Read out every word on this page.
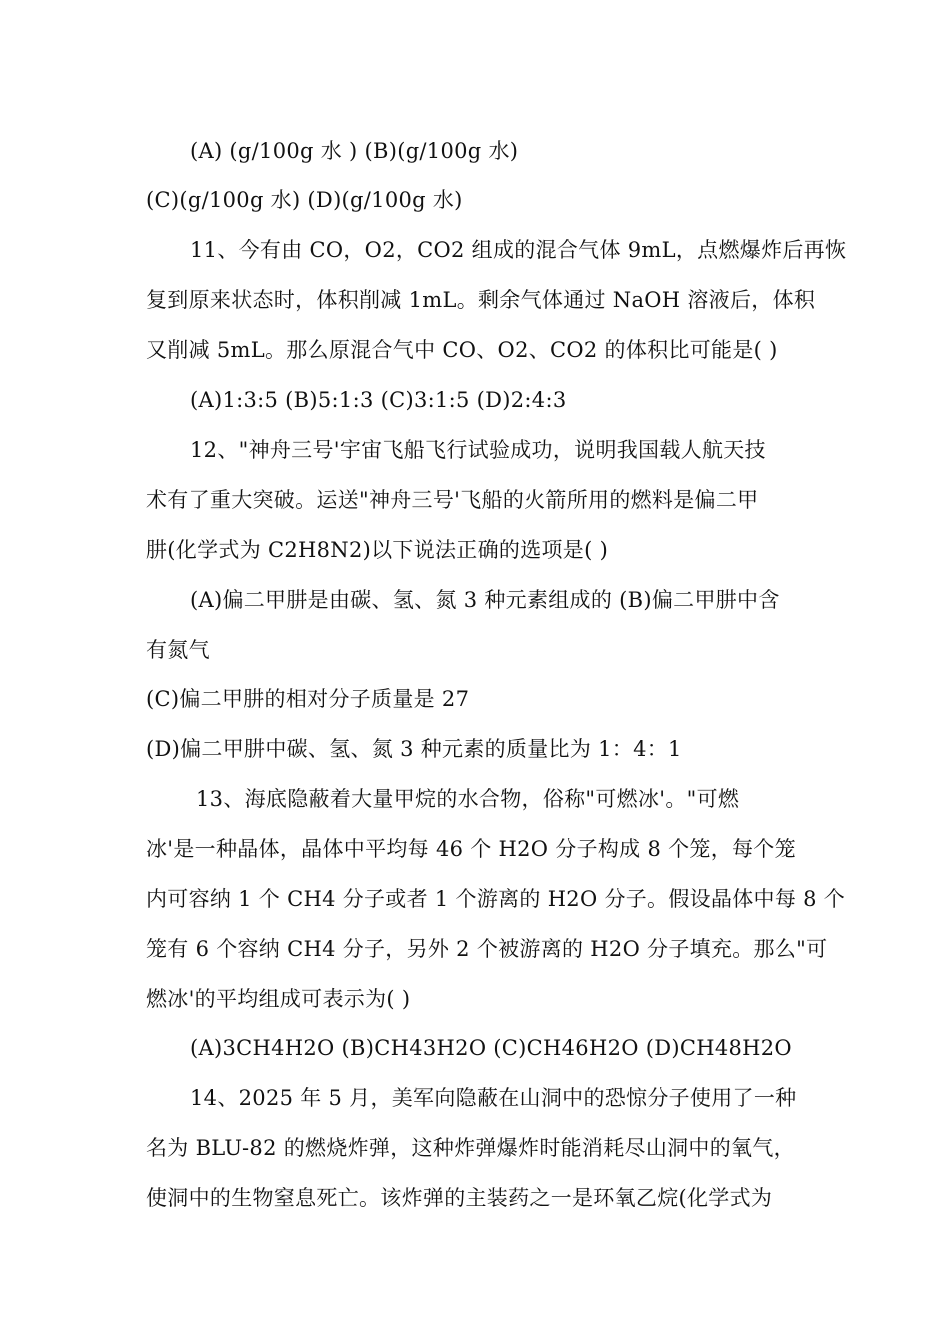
(A) (g/100g 水 ) (B)(g/100g 水)
(C)(g/100g 水) (D)(g/100g 水)
11、今有由 CO，O2，CO2 组成的混合气体 9mL，点燃爆炸后再恢
复到原来状态时，体积削减 1mL。剩余气体通过 NaOH 溶液后，体积
又削减 5mL。那么原混合气中 CO、O2、CO2 的体积比可能是( )
(A)1:3:5 (B)5:1:3 (C)3:1:5 (D)2:4:3
12、"神舟三号'宇宙飞船飞行试验成功，说明我国载人航天技
术有了重大突破。运送"神舟三号'飞船的火箭所用的燃料是偏二甲
肼(化学式为 C2H8N2)以下说法正确的选项是( )
(A)偏二甲肼是由碳、氢、氮 3 种元素组成的 (B)偏二甲肼中含
有氮气
(C)偏二甲肼的相对分子质量是 27
(D)偏二甲肼中碳、氢、氮 3 种元素的质量比为 1：4：1
13、海底隐蔽着大量甲烷的水合物，俗称"可燃冰'。"可燃
冰'是一种晶体，晶体中平均每 46 个 H2O 分子构成 8 个笼，每个笼
内可容纳 1 个 CH4 分子或者 1 个游离的 H2O 分子。假设晶体中每 8 个
笼有 6 个容纳 CH4 分子，另外 2 个被游离的 H2O 分子填充。那么"可
燃冰'的平均组成可表示为( )
(A)3CH4H2O (B)CH43H2O (C)CH46H2O (D)CH48H2O
14、2025 年 5 月，美军向隐蔽在山洞中的恐惊分子使用了一种
名为 BLU-82 的燃烧炸弹，这种炸弹爆炸时能消耗尽山洞中的氧气，
使洞中的生物窒息死亡。该炸弹的主装药之一是环氧乙烷(化学式为
